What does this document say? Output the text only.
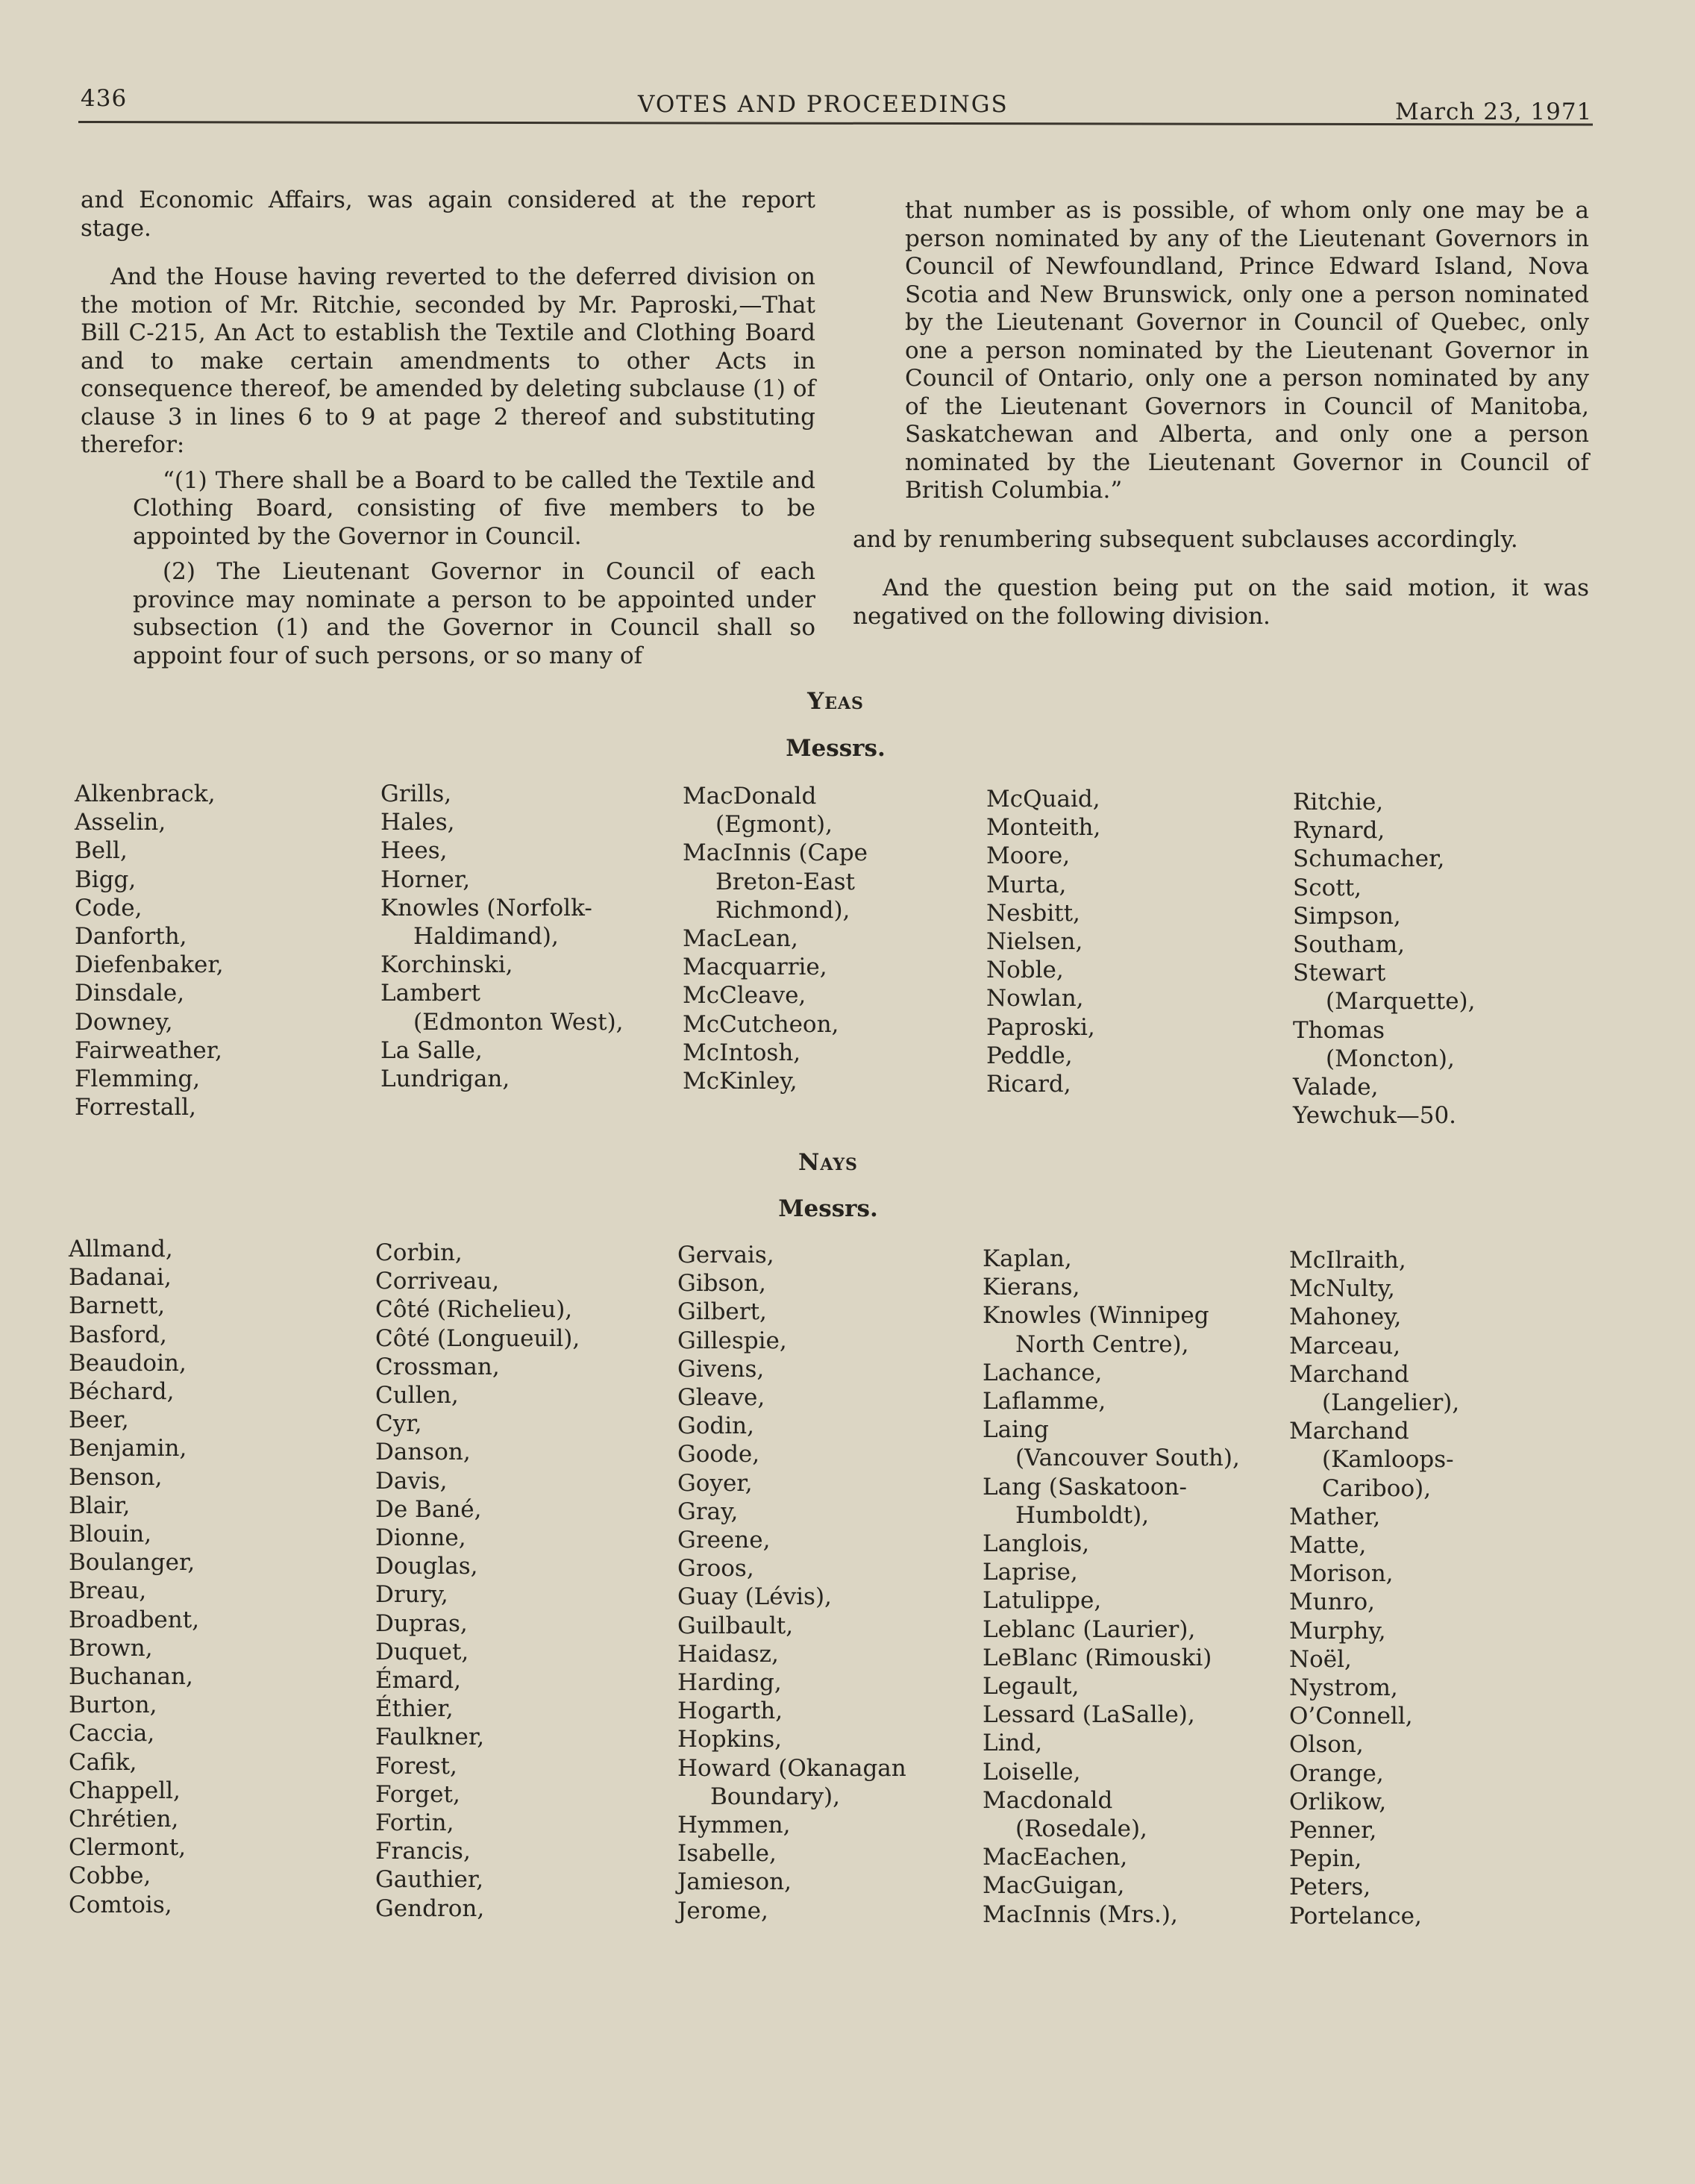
436	VOTES AND PROCEEDINGS	March 23, 1971

and Economic Affairs, was again considered at the report stage.

And the House having reverted to the deferred division on the motion of Mr. Ritchie, seconded by Mr. Paproski,—That Bill C-215, An Act to establish the Textile and Clothing Board and to make certain amendments to other Acts in consequence thereof, be amended by deleting subclause (1) of clause 3 in lines 6 to 9 at page 2 thereof and substituting therefor:

“(1) There shall be a Board to be called the Textile and Clothing Board, consisting of five members to be appointed by the Governor in Council.

(2) The Lieutenant Governor in Council of each province may nominate a person to be appointed under subsection (1) and the Governor in Council shall so appoint four of such persons, or so many of

that number as is possible, of whom only one may be a person nominated by any of the Lieutenant Governors in Council of Newfoundland, Prince Edward Island, Nova Scotia and New Brunswick, only one a person nominated by the Lieutenant Governor in Council of Quebec, only one a person nominated by the Lieutenant Governor in Council of Ontario, only one a person nominated by any of the Lieutenant Governors in Council of Manitoba, Saskatchewan and Alberta, and only one a person nominated by the Lieutenant Governor in Council of British Columbia.”

and by renumbering subsequent subclauses accordingly.

And the question being put on the said motion, it was negatived on the following division.

Yeas
Messrs.
Alkenbrack,
Asselin,
Bell,
Bigg,
Code,
Danforth,
Diefenbaker,
Dinsdale,
Downey,
Fairweather,
Flemming,
Forrestall,
Grills,
Hales,
Hees,
Horner,
Knowles (Norfolk-
Haldimand),
Korchinski,
Lambert
(Edmonton West),
La Salle,
Lundrigan,
MacDonald
(Egmont),
MacInnis (Cape
Breton-East
Richmond),
MacLean,
Macquarrie,
McCleave,
McCutcheon,
McIntosh,
McKinley,
McQuaid,
Monteith,
Moore,
Murta,
Nesbitt,
Nielsen,
Noble,
Nowlan,
Paproski,
Peddle,
Ricard,
Ritchie,
Rynard,
Schumacher,
Scott,
Simpson,
Southam,
Stewart
(Marquette),
Thomas
(Moncton),
Valade,
Yewchuk—50.
Nays
Messrs.
Allmand,
Badanai,
Barnett,
Basford,
Beaudoin,
Béchard,
Beer,
Benjamin,
Benson,
Blair,
Blouin,
Boulanger,
Breau,
Broadbent,
Brown,
Buchanan,
Burton,
Caccia,
Cafik,
Chappell,
Chrétien,
Clermont,
Cobbe,
Comtois,
Corbin,
Corriveau,
Côté (Richelieu),
Côté (Longueuil),
Crossman,
Cullen,
Cyr,
Danson,
Davis,
De Bané,
Dionne,
Douglas,
Drury,
Dupras,
Duquet,
Émard,
Éthier,
Faulkner,
Forest,
Forget,
Fortin,
Francis,
Gauthier,
Gendron,
Gervais,
Gibson,
Gilbert,
Gillespie,
Givens,
Gleave,
Godin,
Goode,
Goyer,
Gray,
Greene,
Groos,
Guay (Lévis),
Guilbault,
Haidasz,
Harding,
Hogarth,
Hopkins,
Howard (Okanagan
Boundary),
Hymmen,
Isabelle,
Jamieson,
Jerome,
Kaplan,
Kierans,
Knowles (Winnipeg
North Centre),
Lachance,
Laflamme,
Laing
(Vancouver South),
Lang (Saskatoon-
Humboldt),
Langlois,
Laprise,
Latulippe,
Leblanc (Laurier),
LeBlanc (Rimouski)
Legault,
Lessard (LaSalle),
Lind,
Loiselle,
Macdonald
(Rosedale),
MacEachen,
MacGuigan,
MacInnis (Mrs.),
McIlraith,
McNulty,
Mahoney,
Marceau,
Marchand
(Langelier),
Marchand
(Kamloops-
Cariboo),
Mather,
Matte,
Morison,
Munro,
Murphy,
Noël,
Nystrom,
O’Connell,
Olson,
Orange,
Orlikow,
Penner,
Pepin,
Peters,
Portelance,
